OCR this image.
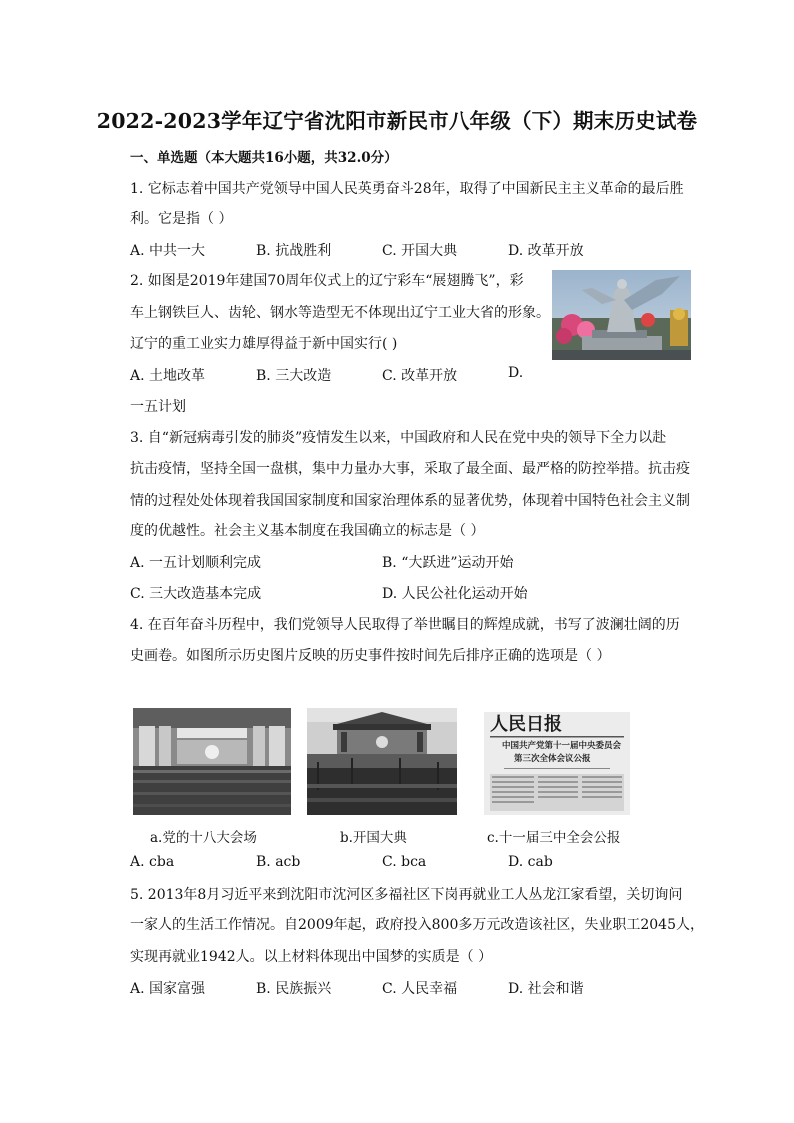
2022-2023学年辽宁省沈阳市新民市八年级（下）期末历史试卷
一、单选题（本大题共16小题，共32.0分）
1. 它标志着中国共产党领导中国人民英勇奋斗28年，取得了中国新民主主义革命的最后胜
利。它是指（ ）
A. 中共一大	B. 抗战胜利	C. 开国大典	D. 改革开放
2. 如图是2019年建国70周年仪式上的辽宁彩车“展翅腾飞”，彩
车上钢铁巨人、齿轮、钢水等造型无不体现出辽宁工业大省的形象。
辽宁的重工业实力雄厚得益于新中国实行( )
A. 土地改革	B. 三大改造	C. 改革开放	D.
一五计划
3. 自“新冠病毒引发的肺炎”疫情发生以来，中国政府和人民在党中央的领导下全力以赴
抗击疫情，坚持全国一盘棋，集中力量办大事，采取了最全面、最严格的防控举措。抗击疫
情的过程处处体现着我国国家制度和国家治理体系的显著优势，体现着中国特色社会主义制
度的优越性。社会主义基本制度在我国确立的标志是（ ）
A. 一五计划顺利完成	B. “大跃进”运动开始
C. 三大改造基本完成	D. 人民公社化运动开始
4. 在百年奋斗历程中，我们党领导人民取得了举世瞩目的辉煌成就，书写了波澜壮阔的历
史画卷。如图所示历史图片反映的历史事件按时间先后排序正确的选项是（ ）
人民日报
中国共产党第十一届中央委员会
第三次全体会议公报
a.党的十八大会场	b.开国大典	c.十一届三中全会公报
A. cba	B. acb	C. bca	D. cab
5. 2013年8月习近平来到沈阳市沈河区多福社区下岗再就业工人丛龙江家看望，关切询问
一家人的生活工作情况。自2009年起，政府投入800多万元改造该社区，失业职工2045人，
实现再就业1942人。以上材料体现出中国梦的实质是（ ）
A. 国家富强	B. 民族振兴	C. 人民幸福	D. 社会和谐
